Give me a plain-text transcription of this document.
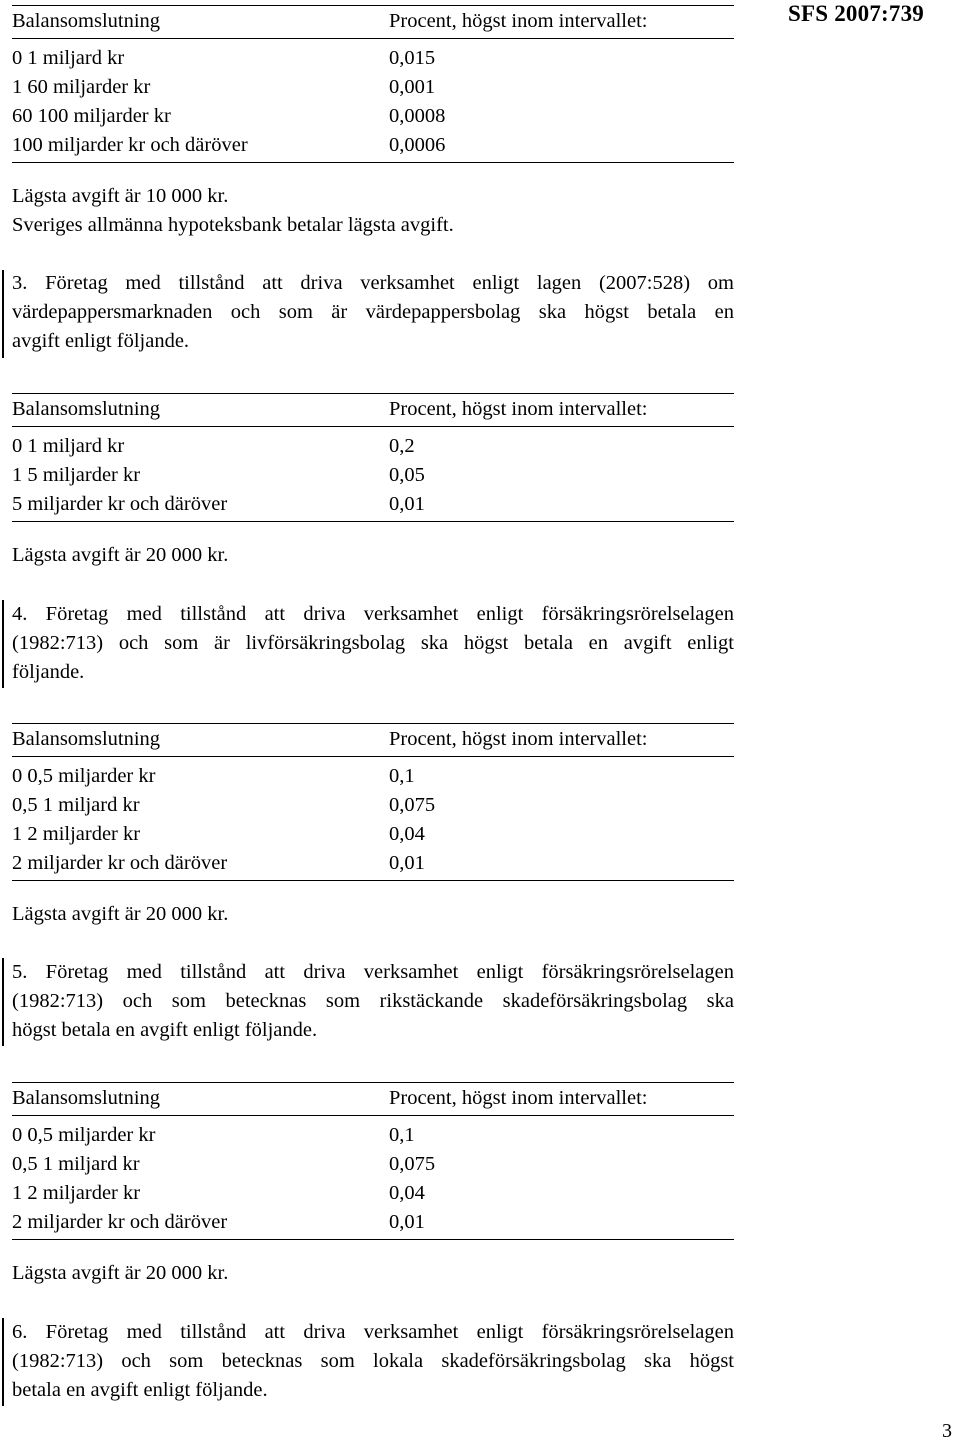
SFS 2007:739
Balansomslutning	Procent, högst inom intervallet:
0 1 miljard kr	0,015
1 60 miljarder kr	0,001
60 100 miljarder kr	0,0008
100 miljarder kr och däröver	0,0006
Lägsta avgift är 10 000 kr.
Sveriges allmänna hypoteksbank betalar lägsta avgift.
3. Företag med tillstånd att driva verksamhet enligt lagen (2007:528) om
värdepappersmarknaden och som är värdepappersbolag ska högst betala en
avgift enligt följande.
Balansomslutning	Procent, högst inom intervallet:
0 1 miljard kr	0,2
1 5 miljarder kr	0,05
5 miljarder kr och däröver	0,01
Lägsta avgift är 20 000 kr.
4. Företag med tillstånd att driva verksamhet enligt försäkringsrörelselagen
(1982:713) och som är livförsäkringsbolag ska högst betala en avgift enligt
följande.
Balansomslutning	Procent, högst inom intervallet:
0 0,5 miljarder kr	0,1
0,5 1 miljard kr	0,075
1 2 miljarder kr	0,04
2 miljarder kr och däröver	0,01
Lägsta avgift är 20 000 kr.
5. Företag med tillstånd att driva verksamhet enligt försäkringsrörelselagen
(1982:713) och som betecknas som rikstäckande skadeförsäkringsbolag ska
högst betala en avgift enligt följande.
Balansomslutning	Procent, högst inom intervallet:
0 0,5 miljarder kr	0,1
0,5 1 miljard kr	0,075
1 2 miljarder kr	0,04
2 miljarder kr och däröver	0,01
Lägsta avgift är 20 000 kr.
6. Företag med tillstånd att driva verksamhet enligt försäkringsrörelselagen
(1982:713) och som betecknas som lokala skadeförsäkringsbolag ska högst
betala en avgift enligt följande.
3
